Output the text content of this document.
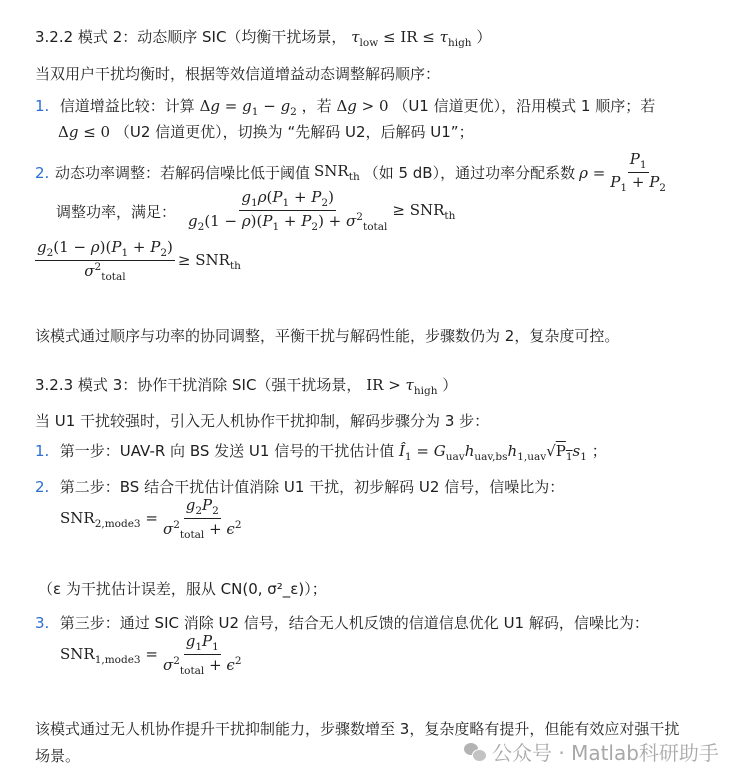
3.2.2 模式 2：动态顺序 SIC（均衡干扰场景， $\tau_{low}$ ≤ IR ≤ $\tau_{high}$ ）
当双用户干扰均衡时，根据等效信道增益动态调整解码顺序：
1. 信道增益比较：计算 $\Delta g = g_1 - g_2$ ，若 Δg > 0 （U1 信道更优），沿用模式 1 顺序；若
Δg ≤ 0 （U2 信道更优），切换为 “先解码 U2，后解码 U1”；
2. 动态功率调整：若解码信噪比低于阈值 $SNR_{th}$ （如 5 dB），通过功率分配系数 $\rho = \frac{P_1}{P_1 + P_2}$
调整功率，满足： $\frac{g_1\rho(P_1 + P_2)}{g_2(1 - \rho)(P_1 + P_2) + \sigma^2_{total}} \ge SNR_{th}$
$\frac{g_2(1 - \rho)(P_1 + P_2)}{\sigma^2_{total}} \ge SNR_{th}$
该模式通过顺序与功率的协同调整，平衡干扰与解码性能，步骤数仍为 2，复杂度可控。
3.2.3 模式 3：协作干扰消除 SIC（强干扰场景， IR > $\tau_{high}$ ）
当 U1 干扰较强时，引入无人机协作干扰抑制，解码步骤分为 3 步：
1. 第一步：UAV-R 向 BS 发送 U1 信号的干扰估计值 $Î_1 = G_{uav}h_{uav,bs}h_{1,uav}√P_1s_1$ ；
2. 第二步：BS 结合干扰估计值消除 U1 干扰，初步解码 U2 信号，信噪比为：
$SNR_{2,mode3} = \frac{g_2P_2}{\sigma^2_{total} + \epsilon^2}$
（ε 为干扰估计误差，服从 CN(0, σ²_ε)）；
3. 第三步：通过 SIC 消除 U2 信号，结合无人机反馈的信道信息优化 U1 解码，信噪比为：
$SNR_{1,mode3} = \frac{g_1P_1}{\sigma^2_{total} + \epsilon^2}$
该模式通过无人机协作提升干扰抑制能力，步骤数增至 3，复杂度略有提升，但能有效应对强干扰
场景。	公众号 · Matlab科研助手
